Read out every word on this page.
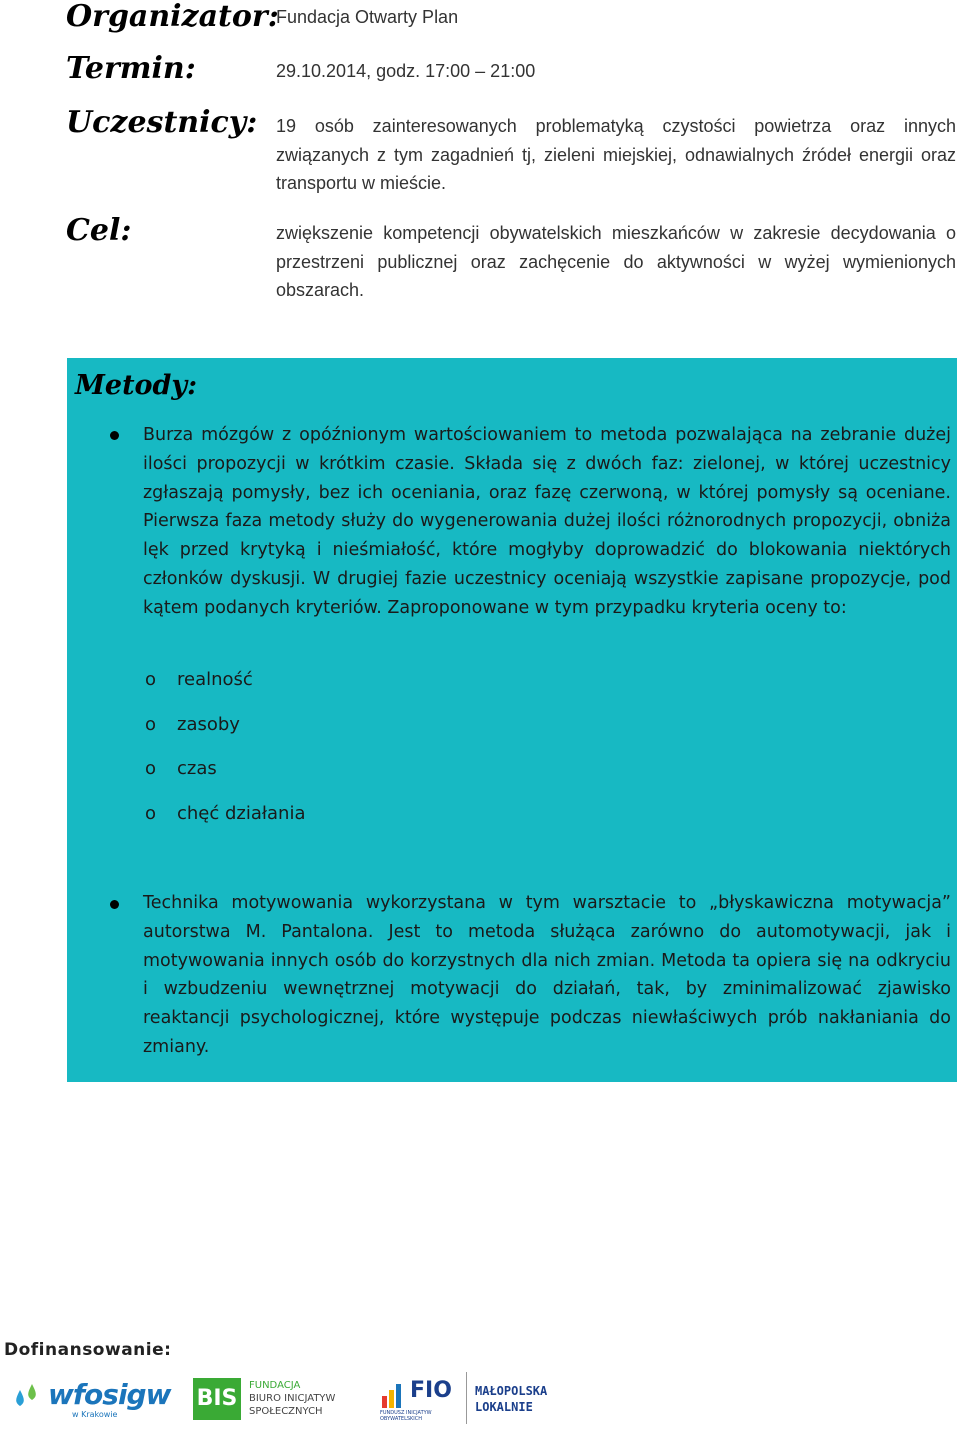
Organizator:
Fundacja Otwarty Plan
Termin:	29.10.2014, godz. 17:00 – 21:00
Uczestnicy: 19 osób zainteresowanych problematyką czystości powietrza oraz innych związanych z tym zagadnień tj, zieleni miejskiej, odnawialnych źródeł energii oraz transportu w mieście.
Cel:	zwiększenie kompetencji obywatelskich mieszkańców w zakresie decydowania o przestrzeni publicznej oraz zachęcenie do aktywności w wyżej wymienionych obszarach.
Metody:
Burza mózgów z opóźnionym wartościowaniem to metoda pozwalająca na zebranie dużej ilości propozycji w krótkim czasie. Składa się z dwóch faz: zielonej, w której uczestnicy zgłaszają pomysły, bez ich oceniania, oraz fazę czerwoną, w której pomysły są oceniane. Pierwsza faza metody służy do wygenerowania dużej ilości różnorodnych propozycji, obniża lęk przed krytyką i nieśmiałość, które mogłyby doprowadzić do blokowania niektórych członków dyskusji. W drugiej fazie uczestnicy oceniają wszystkie zapisane propozycje, pod kątem podanych kryteriów. Zaproponowane w tym przypadku kryteria oceny to:
o realność
o zasoby
o czas
o chęć działania
Technika motywowania wykorzystana w tym warsztacie to „błyskawiczna motywacja” autorstwa M. Pantalona. Jest to metoda służąca zarówno do automotywacji, jak i motywowania innych osób do korzystnych dla nich zmian. Metoda ta opiera się na odkryciu i wzbudzeniu wewnętrznej motywacji do działań, tak, by zminimalizować zjawisko reaktancji psychologicznej, które występuje podczas niewłaściwych prób nakłaniania do zmiany.
Dofinansowanie:
wfosigw
w Krakowie
BIS
FUNDACJA
BIURO INICJATYW
SPOŁECZNYCH
FIO
FUNDUSZ INICJATYW OBYWATELSKICH
MAŁOPOLSKA
LOKALNIE
